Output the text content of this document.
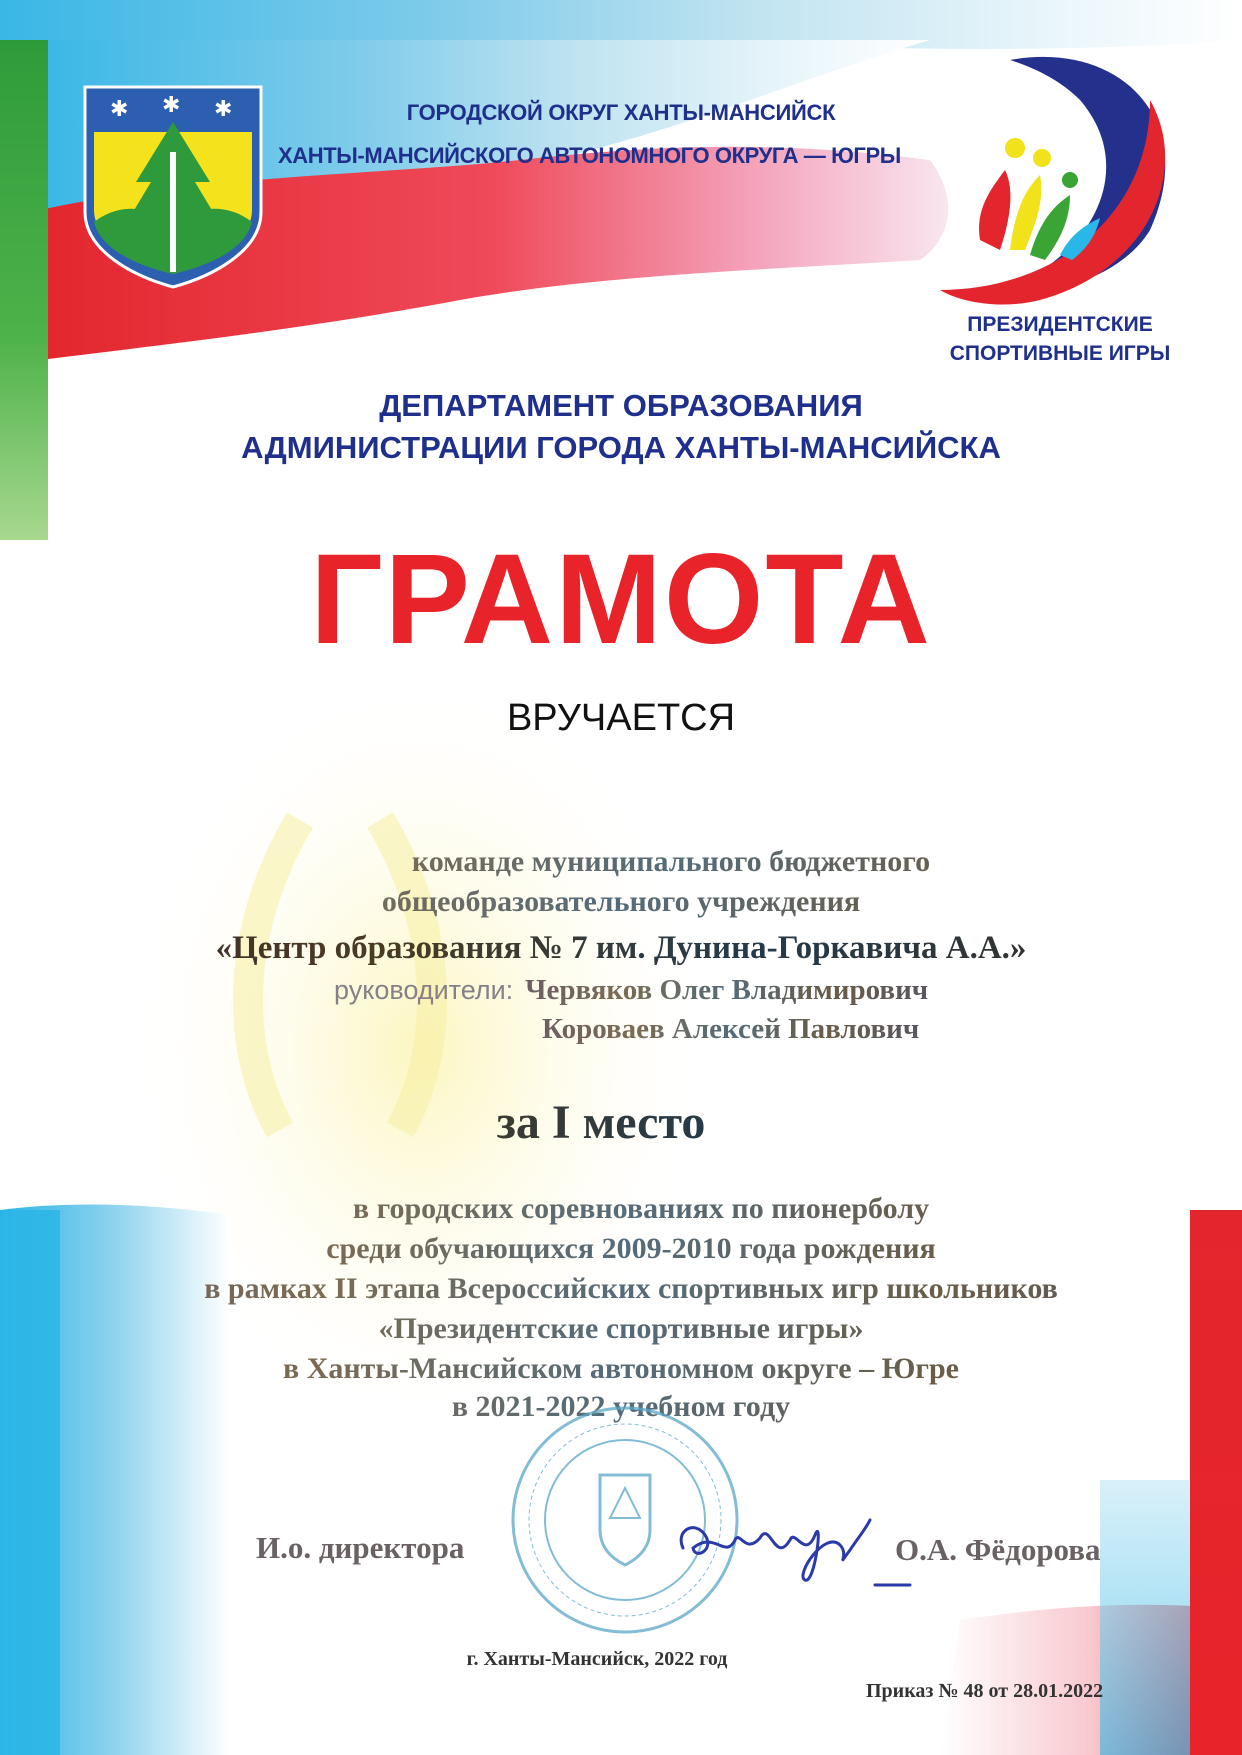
✱ ✱ ✱	ГОРОДСКОЙ ОКРУГ ХАНТЫ-МАНСИЙСК
ХАНТЫ-МАНСИЙСКОГО АВТОНОМНОГО ОКРУГА — ЮГРЫ
ПРЕЗИДЕНТСКИЕ
СПОРТИВНЫЕ ИГРЫ
ДЕПАРТАМЕНТ ОБРАЗОВАНИЯ
АДМИНИСТРАЦИИ ГОРОДА ХАНТЫ-МАНСИЙСКА
ГРАМОТА
ВРУЧАЕТСЯ
команде муниципального бюджетного
общеобразовательного учреждения
«Центр образования № 7 им. Дунина-Горкавича А.А.»
руководители: Червяков Олег Владимирович
Короваев Алексей Павлович
за I место
в городских соревнованиях по пионерболу
среди обучающихся 2009-2010 года рождения
в рамках II этапа Всероссийских спортивных игр школьников
«Президентские спортивные игры»
в Ханты-Мансийском автономном округе – Югре
в 2021-2022 учебном году
И.о. директора	О.А. Фёдорова
г. Ханты-Мансийск, 2022 год
Приказ № 48 от 28.01.2022
